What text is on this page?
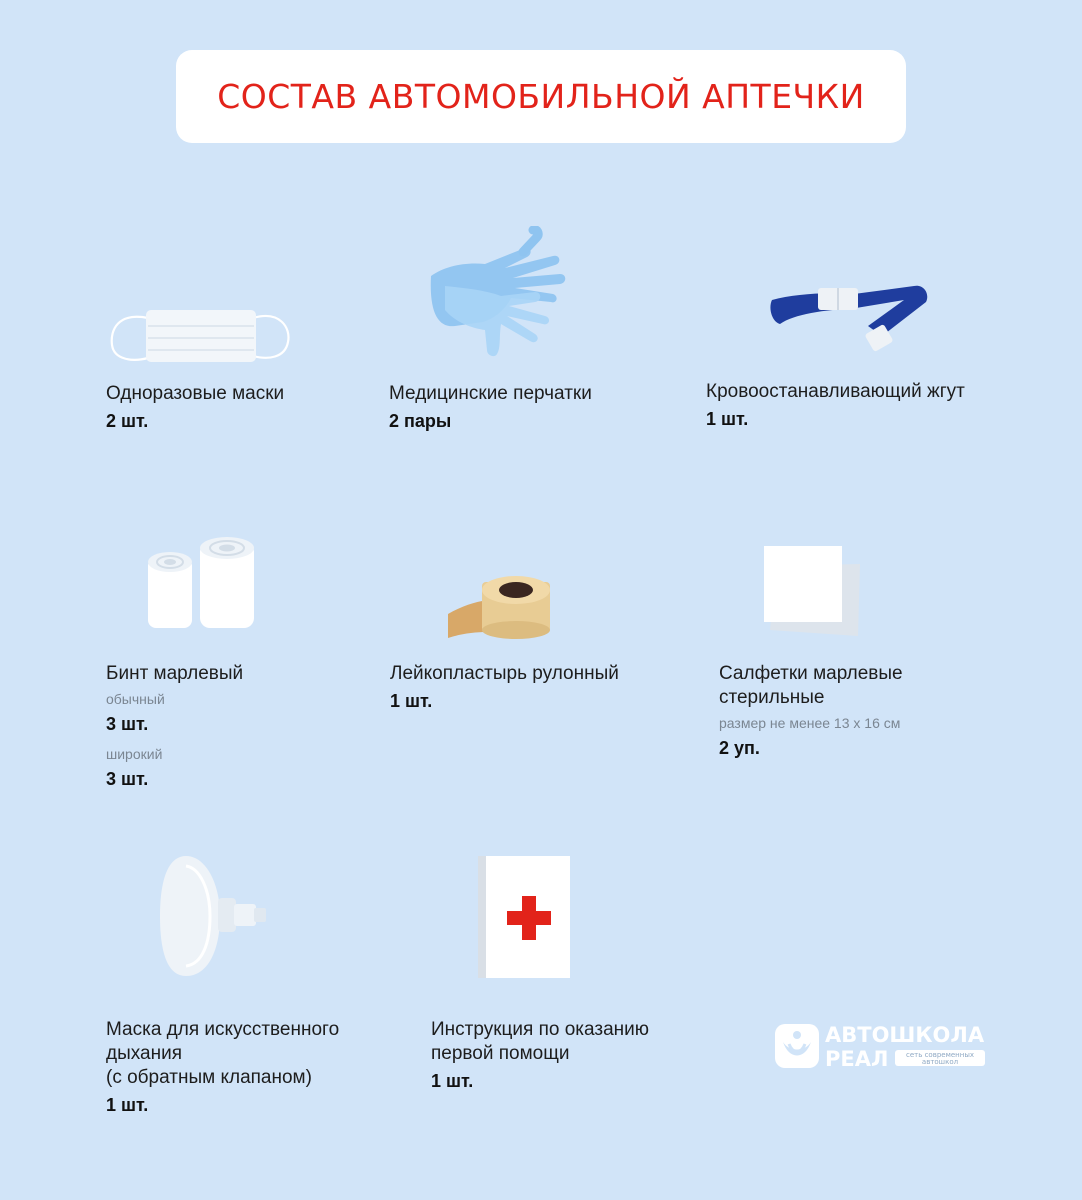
СОСТАВ АВТОМОБИЛЬНОЙ АПТЕЧКИ
Одноразовые маски
2 шт.
Медицинские перчатки
2 пары
Кровоостанавливающий жгут
1 шт.
Бинт марлевый
обычный
3 шт.
широкий
3 шт.
Лейкопластырь рулонный
1 шт.
Салфетки марлевые
стерильные
размер не менее 13 х 16 см
2 уп.
Маска для искусственного
дыхания
(с обратным клапаном)
1 шт.
Инструкция по оказанию
первой помощи
1 шт.
АВТОШКОЛА
РЕАЛ	сеть современных
автошкол
